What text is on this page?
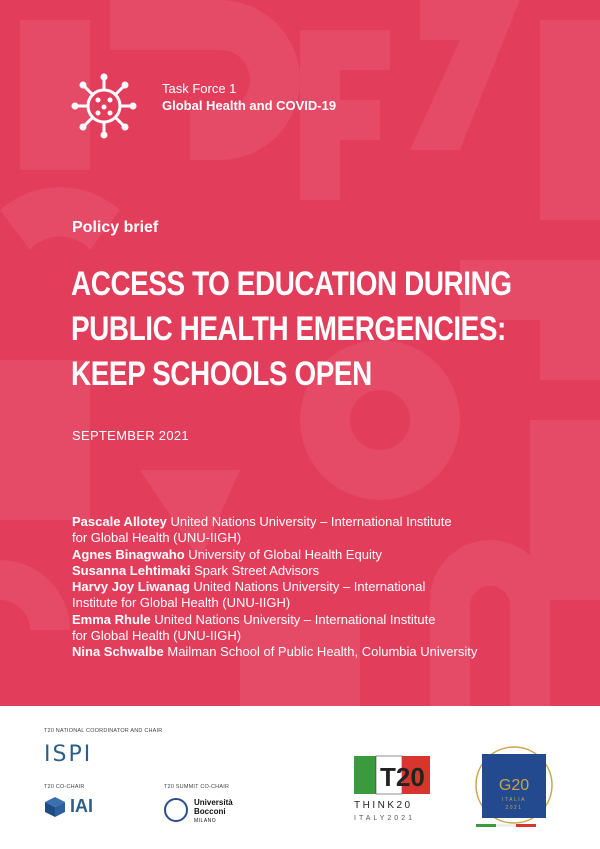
Task Force 1
Global Health and COVID-19
Policy brief
ACCESS TO EDUCATION DURING
PUBLIC HEALTH EMERGENCIES:
KEEP SCHOOLS OPEN
SEPTEMBER 2021
Pascale Allotey United Nations University – International Institute
for Global Health (UNU-IIGH)
Agnes Binagwaho University of Global Health Equity
Susanna Lehtimaki Spark Street Advisors
Harvy Joy Liwanag United Nations University – International
Institute for Global Health (UNU-IIGH)
Emma Rhule United Nations University – International Institute
for Global Health (UNU-IIGH)
Nina Schwalbe Mailman School of Public Health, Columbia University
T20 NATIONAL COORDINATOR AND CHAIR
ISPI
T20 CO-CHAIR
IAI
T20 SUMMIT CO-CHAIR
Università
Bocconi
MILANO
T20
THINK20
ITALY2021
G20
ITALIA
2021
